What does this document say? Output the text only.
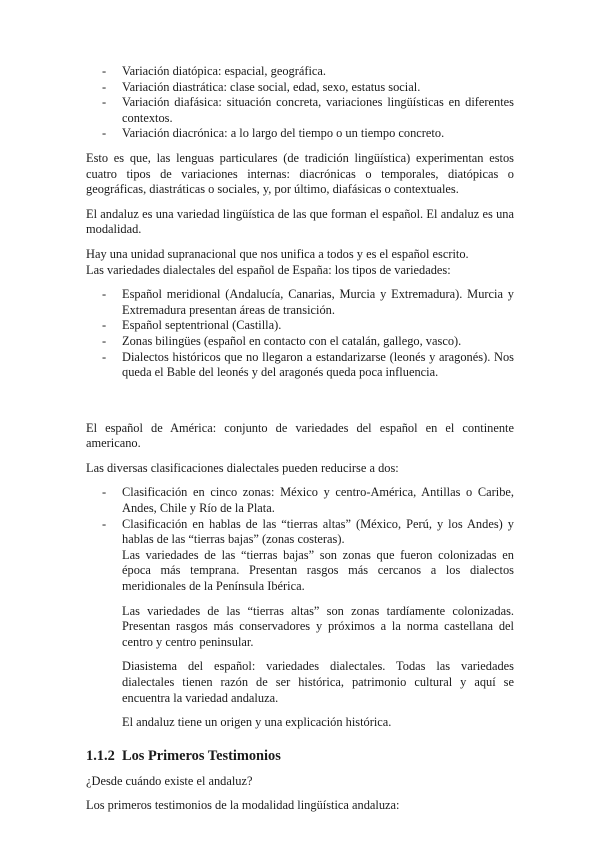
- Variación diatópica: espacial, geográfica.
- Variación diastrática: clase social, edad, sexo, estatus social.
- Variación diafásica: situación concreta, variaciones lingüísticas en diferentes contextos.
- Variación diacrónica: a lo largo del tiempo o un tiempo concreto.

Esto es que, las lenguas particulares (de tradición lingüística) experimentan estos cuatro tipos de variaciones internas: diacrónicas o temporales, diatópicas o geográficas, diastráticas o sociales, y, por último, diafásicas o contextuales.

El andaluz es una variedad lingüística de las que forman el español. El andaluz es una modalidad.

Hay una unidad supranacional que nos unifica a todos y es el español escrito.

Las variedades dialectales del español de España: los tipos de variedades:

- Español meridional (Andalucía, Canarias, Murcia y Extremadura). Murcia y Extremadura presentan áreas de transición.
- Español septentrional (Castilla).
- Zonas bilingües (español en contacto con el catalán, gallego, vasco).
- Dialectos históricos que no llegaron a estandarizarse (leonés y aragonés). Nos queda el Bable del leonés y del aragonés queda poca influencia.

El español de América: conjunto de variedades del español en el continente americano.

Las diversas clasificaciones dialectales pueden reducirse a dos:

- Clasificación en cinco zonas: México y centro-América, Antillas o Caribe, Andes, Chile y Río de la Plata.
- Clasificación en hablas de las “tierras altas” (México, Perú, y los Andes) y hablas de las “tierras bajas” (zonas costeras).

Las variedades de las “tierras bajas” son zonas que fueron colonizadas en época más temprana. Presentan rasgos más cercanos a los dialectos meridionales de la Península Ibérica.

Las variedades de las “tierras altas” son zonas tardíamente colonizadas. Presentan rasgos más conservadores y próximos a la norma castellana del centro y centro peninsular.

Diasistema del español: variedades dialectales. Todas las variedades dialectales tienen razón de ser histórica, patrimonio cultural y aquí se encuentra la variedad andaluza.

El andaluz tiene un origen y una explicación histórica.

1.1.2 Los Primeros Testimonios

¿Desde cuándo existe el andaluz?

Los primeros testimonios de la modalidad lingüística andaluza:
